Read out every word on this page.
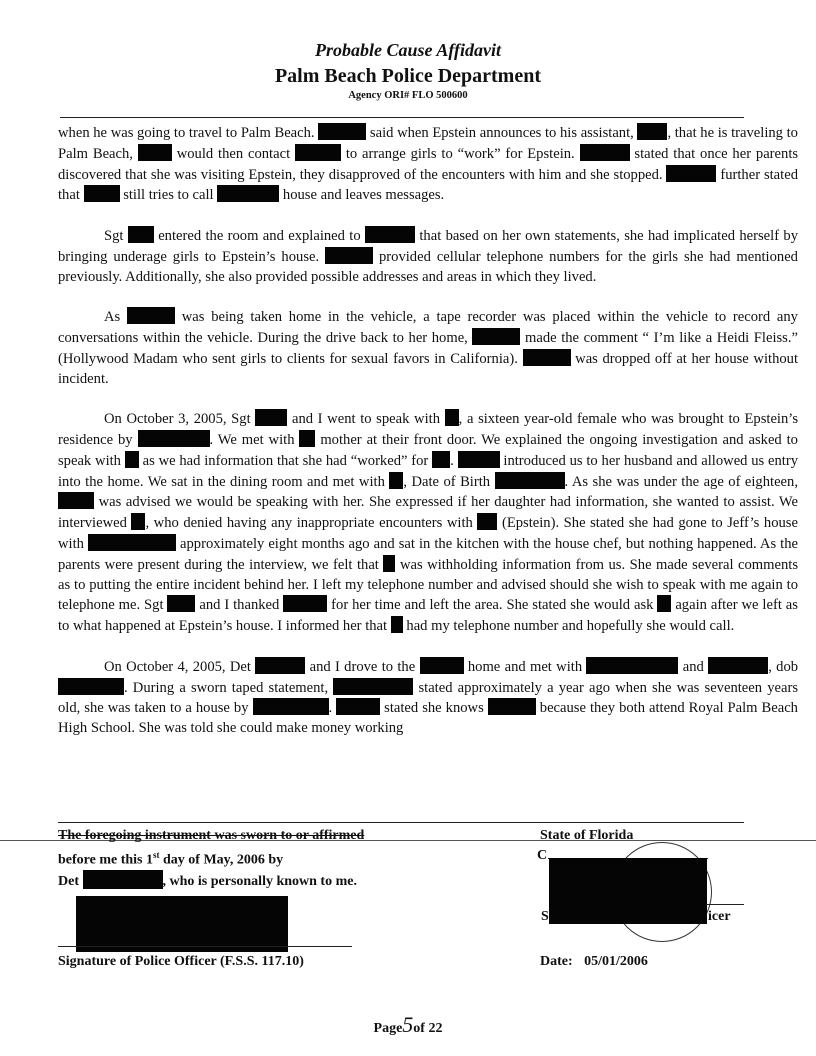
Probable Cause Affidavit
Palm Beach Police Department
Agency ORI# FLO 500600

when he was going to travel to Palm Beach.	said when Epstein announces to his assistant, , that he is traveling to Palm Beach,	would then contact	to arrange girls to “work” for Epstein.	stated that once her parents discovered that she was visiting Epstein, they disapproved of the encounters with him and she stopped.	further stated that	still tries to call	house and leaves messages.

Sgt entered the room and explained to	that based on her own statements, she had implicated herself by bringing underage girls to Epstein’s house.	provided cellular telephone numbers for the girls she had mentioned previously. Additionally, she also provided possible addresses and areas in which they lived.

As	was being taken home in the vehicle, a tape recorder was placed within the vehicle to record any conversations within the vehicle. During the drive back to her home,	made the comment “ I’m like a Heidi Fleiss.” (Hollywood Madam who sent girls to clients for sexual favors in California).	was dropped off at her house without incident.

On October 3, 2005, Sgt	and I went to speak with , a sixteen year-old female who was brought to Epstein’s residence by	. We met with mother at their front door. We explained the ongoing investigation and asked to speak with as we had information that she had “worked” for .	introduced us to her husband and allowed us entry into the home. We sat in the dining room and met with , Date of Birth	. As she was under the age of eighteen,  was advised we would be speaking with her. She expressed if her daughter had information, she wanted to assist. We interviewed , who denied having any inappropriate encounters with (Epstein). She stated she had gone to Jeff’s house with	approximately eight months ago and sat in the kitchen with the house chef, but nothing happened. As the parents were present during the interview, we felt that was withholding information from us. She made several comments as to putting the entire incident behind her. I left my telephone number and advised should she wish to speak with me again to telephone me. Sgt and I thanked	for her time and left the area. She stated she would ask again after we left as to what happened at Epstein’s house. I informed her that had my telephone number and hopefully she would call.

On October 4, 2005, Det	and I drove to the	home and met with	and	, dob . During a sworn taped statement,	stated approximately a year ago when she was seventeen years old, she was taken to a house by	.	stated she knows	because they both attend Royal Palm Beach High School. She was told she could make money working

The foregoing instrument was sworn to or affirmed
before me this 1st day of May, 2006 by
Det	, who is personally known to me.
Signature of Police Officer (F.S.S. 117.10)
State of Florida
C
S	icer
Date: 05/01/2006
Page5of 22
